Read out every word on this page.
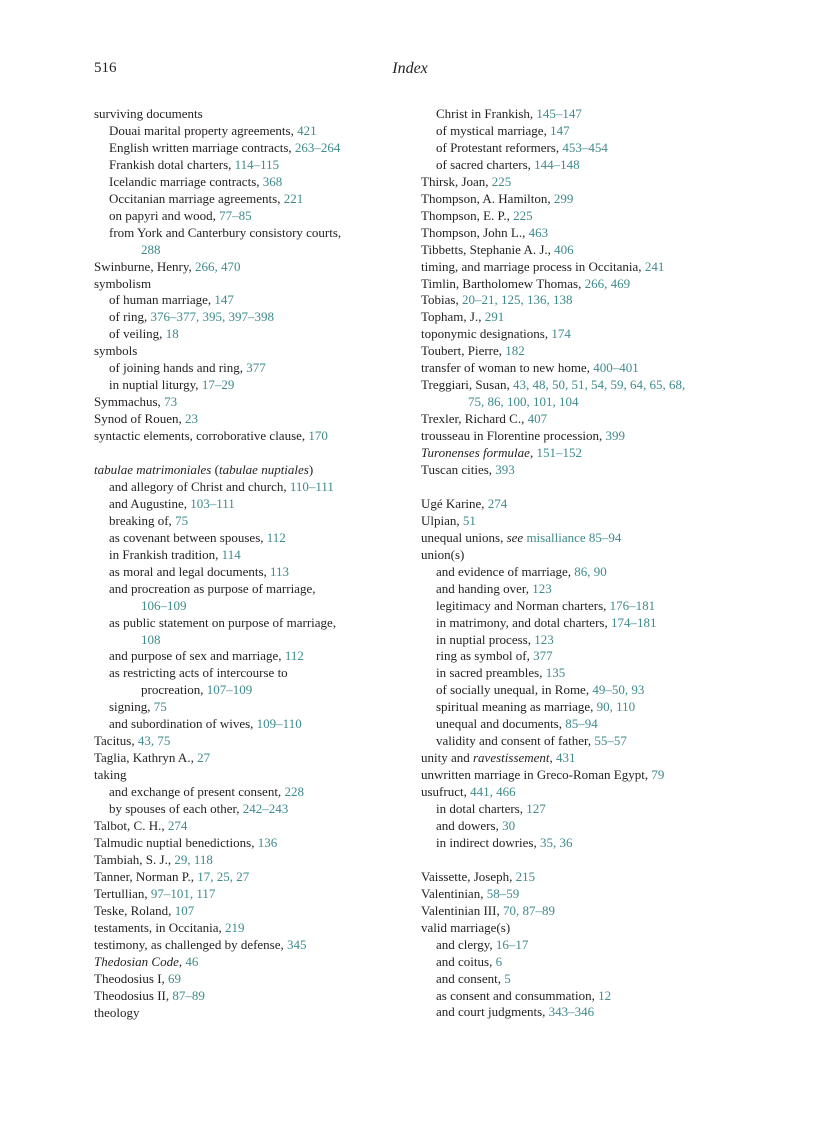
516	Index
surviving documents
Douai marital property agreements, 421
English written marriage contracts, 263–264
Frankish dotal charters, 114–115
Icelandic marriage contracts, 368
Occitanian marriage agreements, 221
on papyri and wood, 77–85
from York and Canterbury consistory courts,
288
Swinburne, Henry, 266, 470
symbolism
of human marriage, 147
of ring, 376–377, 395, 397–398
of veiling, 18
symbols
of joining hands and ring, 377
in nuptial liturgy, 17–29
Symmachus, 73
Synod of Rouen, 23
syntactic elements, corroborative clause, 170
tabulae matrimoniales (tabulae nuptiales)
and allegory of Christ and church, 110–111
and Augustine, 103–111
breaking of, 75
as covenant between spouses, 112
in Frankish tradition, 114
as moral and legal documents, 113
and procreation as purpose of marriage,
106–109
as public statement on purpose of marriage,
108
and purpose of sex and marriage, 112
as restricting acts of intercourse to
procreation, 107–109
signing, 75
and subordination of wives, 109–110
Tacitus, 43, 75
Taglia, Kathryn A., 27
taking
and exchange of present consent, 228
by spouses of each other, 242–243
Talbot, C. H., 274
Talmudic nuptial benedictions, 136
Tambiah, S. J., 29, 118
Tanner, Norman P., 17, 25, 27
Tertullian, 97–101, 117
Teske, Roland, 107
testaments, in Occitania, 219
testimony, as challenged by defense, 345
Thedosian Code, 46
Theodosius I, 69
Theodosius II, 87–89
theology
Christ in Frankish, 145–147
of mystical marriage, 147
of Protestant reformers, 453–454
of sacred charters, 144–148
Thirsk, Joan, 225
Thompson, A. Hamilton, 299
Thompson, E. P., 225
Thompson, John L., 463
Tibbetts, Stephanie A. J., 406
timing, and marriage process in Occitania, 241
Timlin, Bartholomew Thomas, 266, 469
Tobias, 20–21, 125, 136, 138
Topham, J., 291
toponymic designations, 174
Toubert, Pierre, 182
transfer of woman to new home, 400–401
Treggiari, Susan, 43, 48, 50, 51, 54, 59, 64, 65, 68,
75, 86, 100, 101, 104
Trexler, Richard C., 407
trousseau in Florentine procession, 399
Turonenses formulae, 151–152
Tuscan cities, 393
Ugé Karine, 274
Ulpian, 51
unequal unions, see misalliance 85–94
union(s)
and evidence of marriage, 86, 90
and handing over, 123
legitimacy and Norman charters, 176–181
in matrimony, and dotal charters, 174–181
in nuptial process, 123
ring as symbol of, 377
in sacred preambles, 135
of socially unequal, in Rome, 49–50, 93
spiritual meaning as marriage, 90, 110
unequal and documents, 85–94
validity and consent of father, 55–57
unity and ravestissement, 431
unwritten marriage in Greco-Roman Egypt, 79
usufruct, 441, 466
in dotal charters, 127
and dowers, 30
in indirect dowries, 35, 36
Vaissette, Joseph, 215
Valentinian, 58–59
Valentinian III, 70, 87–89
valid marriage(s)
and clergy, 16–17
and coitus, 6
and consent, 5
as consent and consummation, 12
and court judgments, 343–346
